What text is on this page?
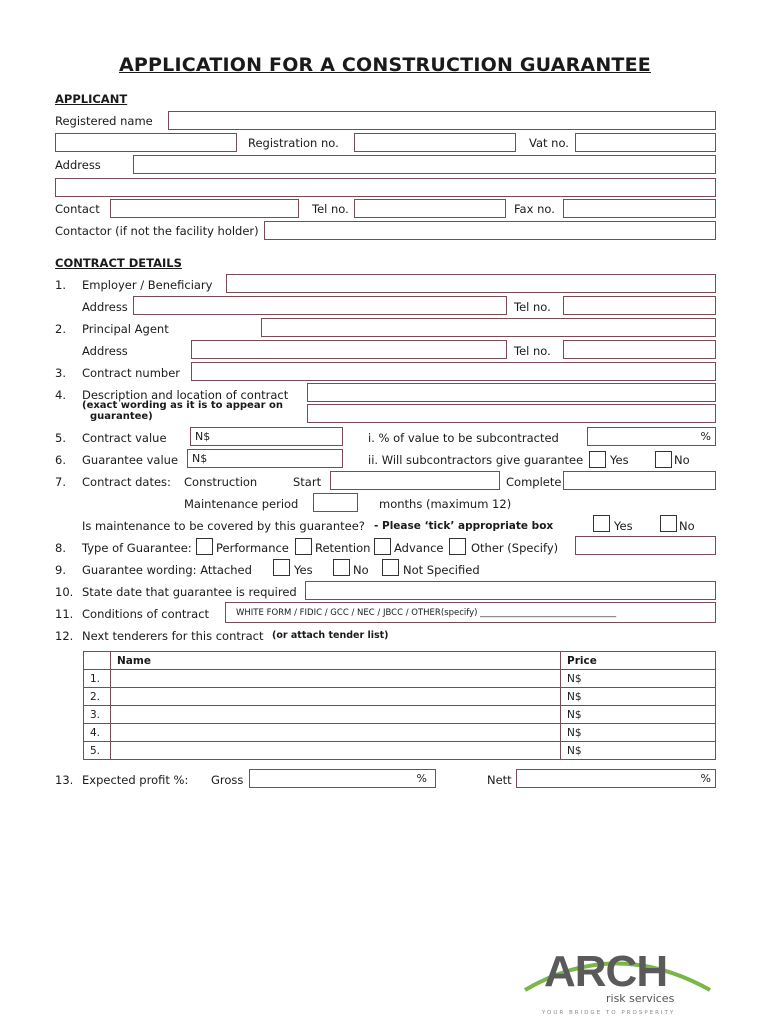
APPLICATION FOR A CONSTRUCTION GUARANTEE
APPLICANT
Registered name
Registration no.	Vat no.
Address
Contact	Tel no.	Fax no.
Contactor (if not the facility holder)
CONTRACT DETAILS
1. Employer / Beneficiary
Address	Tel no.
2. Principal Agent
Address	Tel no.
3. Contract number
4. Description and location of contract
(exact wording as it is to appear on
guarantee)
5. Contract value	N$	i. % of value to be subcontracted	%
6. Guarantee value N$	ii. Will subcontractors give guarantee Yes	No
7. Contract dates: Construction	Start	Complete
Maintenance period	months (maximum 12)
Is maintenance to be covered by this guarantee? - Please ‘tick’ appropriate box	Yes	No
8. Type of Guarantee: Performance Retention Advance Other (Specify)
9. Guarantee wording: Attached	Yes	No	Not Specified
10. State date that guarantee is required
11. Conditions of contract	WHITE FORM / FIDIC / GCC / NEC / JBCC / OTHER(specify) ________________________________
12. Next tenderers for this contract (or attach tender list)
	Name	Price
1.		N$
2.		N$
3.		N$
4.		N$
5.		N$
13. Expected profit %: Gross	%	Nett	%
ARCH
risk services
YOUR BRIDGE TO PROSPERITY
